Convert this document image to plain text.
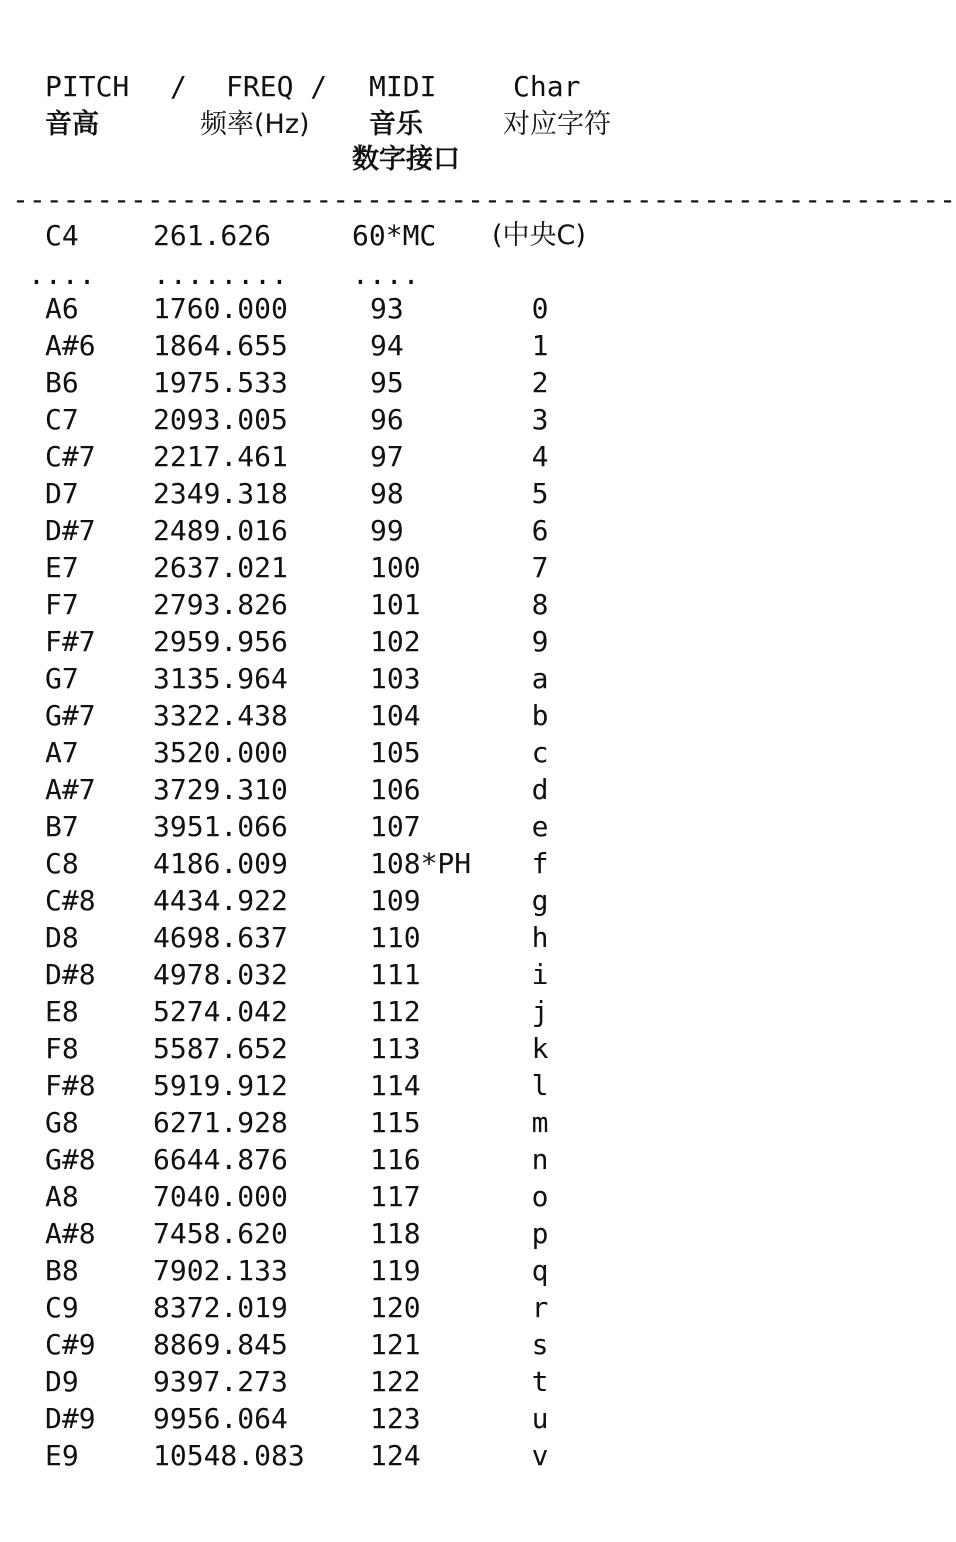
PITCH / FREQ / MIDI	Char
音高	频率(Hz) 音乐	对应字符
数字接口
--------------------------------------------------------
C4	261.626	60*MC (中央C)
.... ........ ....
A6	1760.000	93	0
A#6 1864.655	94	1
B6	1975.533	95	2
C7	2093.005	96	3
C#7 2217.461	97	4
D7	2349.318	98	5
D#7 2489.016	99	6
E7	2637.021	100	7
F7	2793.826	101	8
F#7 2959.956	102	9
G7	3135.964	103	a
G#7 3322.438	104	b
A7	3520.000	105	c
A#7 3729.310	106	d
B7	3951.066	107	e
C8	4186.009	108*PH f
C#8 4434.922	109	g
D8	4698.637	110	h
D#8 4978.032	111	i
E8	5274.042	112	j
F8	5587.652	113	k
F#8 5919.912	114	l
G8	6271.928	115	m
G#8 6644.876	116	n
A8	7040.000	117	o
A#8 7458.620	118	p
B8	7902.133	119	q
C9	8372.019	120	r
C#9 8869.845	121	s
D9	9397.273	122	t
D#9 9956.064	123	u
E9	10548.083 124	v
